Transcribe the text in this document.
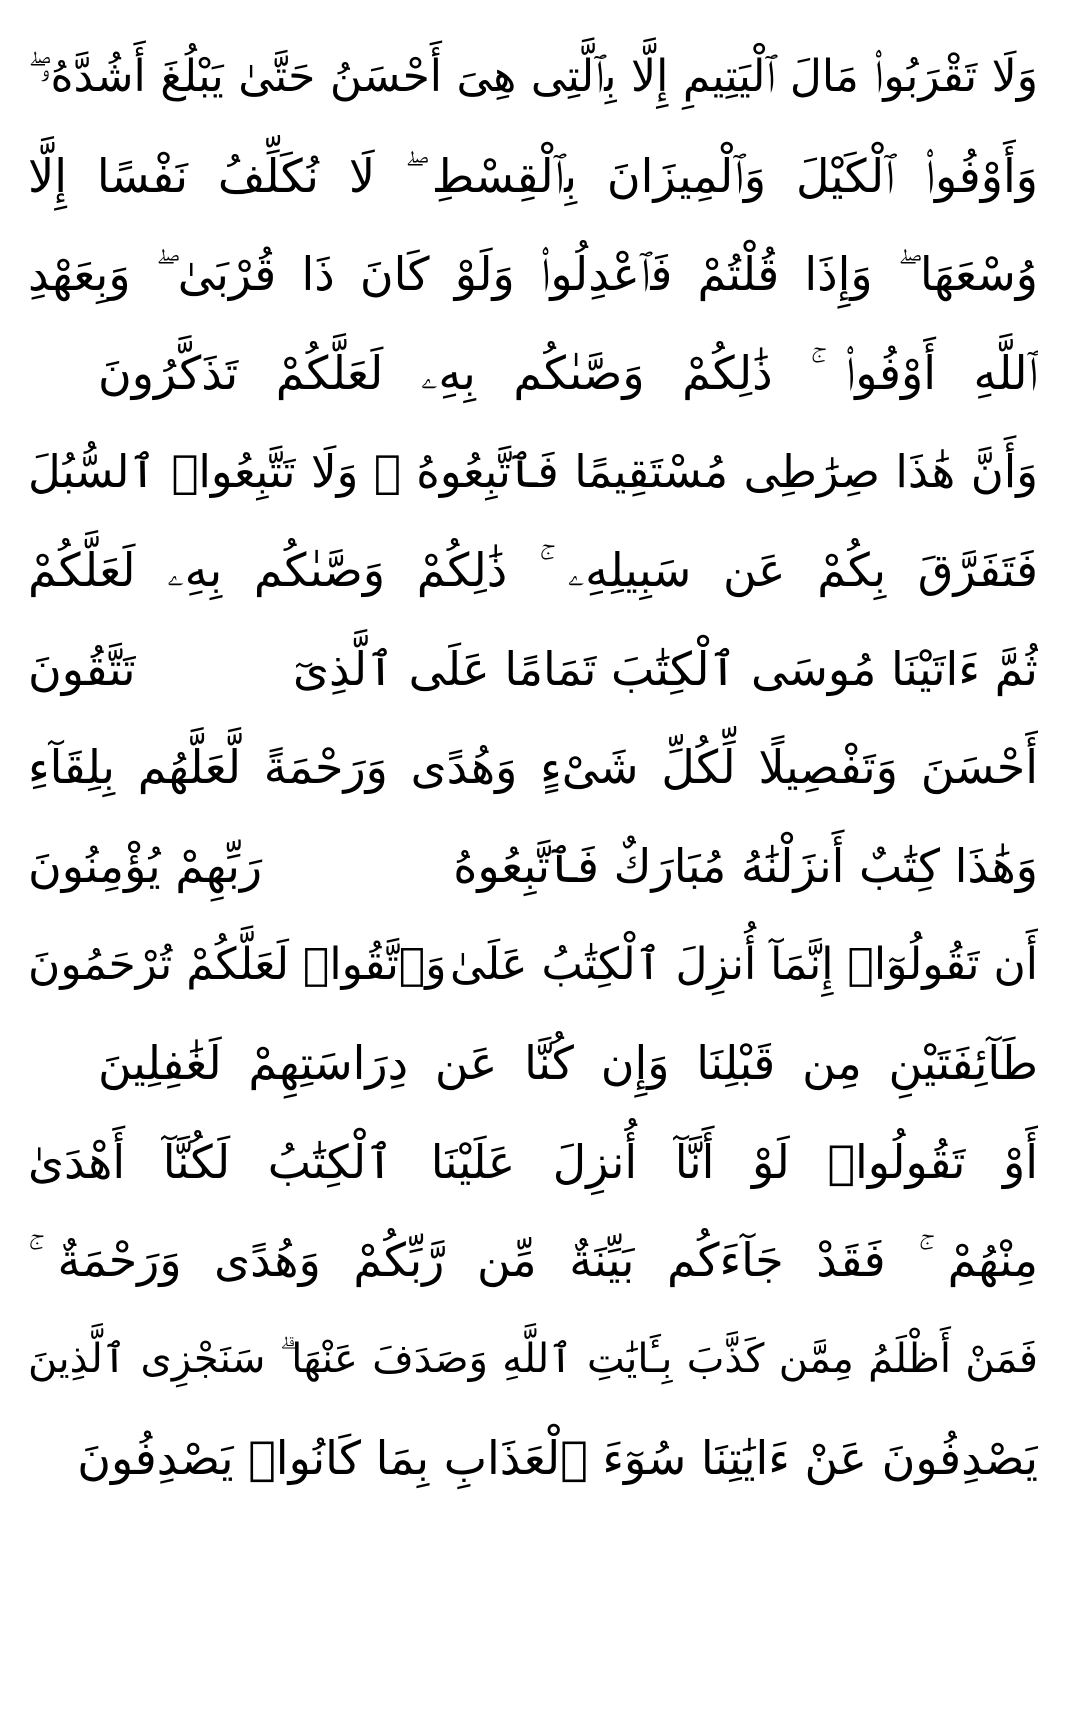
وَلَا تَقْرَبُوا۟ مَالَ ٱلْيَتِيمِ إِلَّا بِٱلَّتِى هِىَ أَحْسَنُ حَتَّىٰ يَبْلُغَ أَشُدَّهُۥ ۖ
وَأَوْفُوا۟ ٱلْكَيْلَ وَٱلْمِيزَانَ بِٱلْقِسْطِ ۖ لَا نُكَلِّفُ نَفْسًا إِلَّا
وُسْعَهَا ۖ وَإِذَا قُلْتُمْ فَٱعْدِلُوا۟ وَلَوْ كَانَ ذَا قُرْبَىٰ ۖ وَبِعَهْدِ
ٱللَّهِ أَوْفُوا۟ ۚ ذَٰلِكُمْ وَصَّىٰكُم بِهِۦ لَعَلَّكُمْ تَذَكَّرُونَ
وَأَنَّ هَٰذَا صِرَٰطِى مُسْتَقِيمًا فَٱتَّبِعُوهُ ۖ وَلَا تَتَّبِعُوا۟ ٱلسُّبُلَ
فَتَفَرَّقَ بِكُمْ عَن سَبِيلِهِۦ ۚ ذَٰلِكُمْ وَصَّىٰكُم بِهِۦ لَعَلَّكُمْ
ثُمَّ ءَاتَيْنَا مُوسَى ٱلْكِتَٰبَ تَمَامًا عَلَى ٱلَّذِىٓ
تَتَّقُونَ
أَحْسَنَ وَتَفْصِيلًا لِّكُلِّ شَىْءٍ وَهُدًى وَرَحْمَةً لَّعَلَّهُم بِلِقَآءِ
وَهَٰذَا كِتَٰبٌ أَنزَلْنَٰهُ مُبَارَكٌ فَٱتَّبِعُوهُ
رَبِّهِمْ يُؤْمِنُونَ
أَن تَقُولُوٓا۟ إِنَّمَآ أُنزِلَ ٱلْكِتَٰبُ عَلَىٰ
وَٱتَّقُوا۟ لَعَلَّكُمْ تُرْحَمُونَ
طَآئِفَتَيْنِ مِن قَبْلِنَا وَإِن كُنَّا عَن دِرَاسَتِهِمْ لَغَٰفِلِينَ
أَوْ تَقُولُوا۟ لَوْ أَنَّآ أُنزِلَ عَلَيْنَا ٱلْكِتَٰبُ لَكُنَّآ أَهْدَىٰ
مِنْهُمْ ۚ فَقَدْ جَآءَكُم بَيِّنَةٌ مِّن رَّبِّكُمْ وَهُدًى وَرَحْمَةٌ ۚ
فَمَنْ أَظْلَمُ مِمَّن كَذَّبَ بِـَٔايَٰتِ ٱللَّهِ وَصَدَفَ عَنْهَا ۗ سَنَجْزِى ٱلَّذِينَ
يَصْدِفُونَ عَنْ ءَايَٰتِنَا سُوٓءَ ٱلْعَذَابِ بِمَا كَانُوا۟ يَصْدِفُونَ
